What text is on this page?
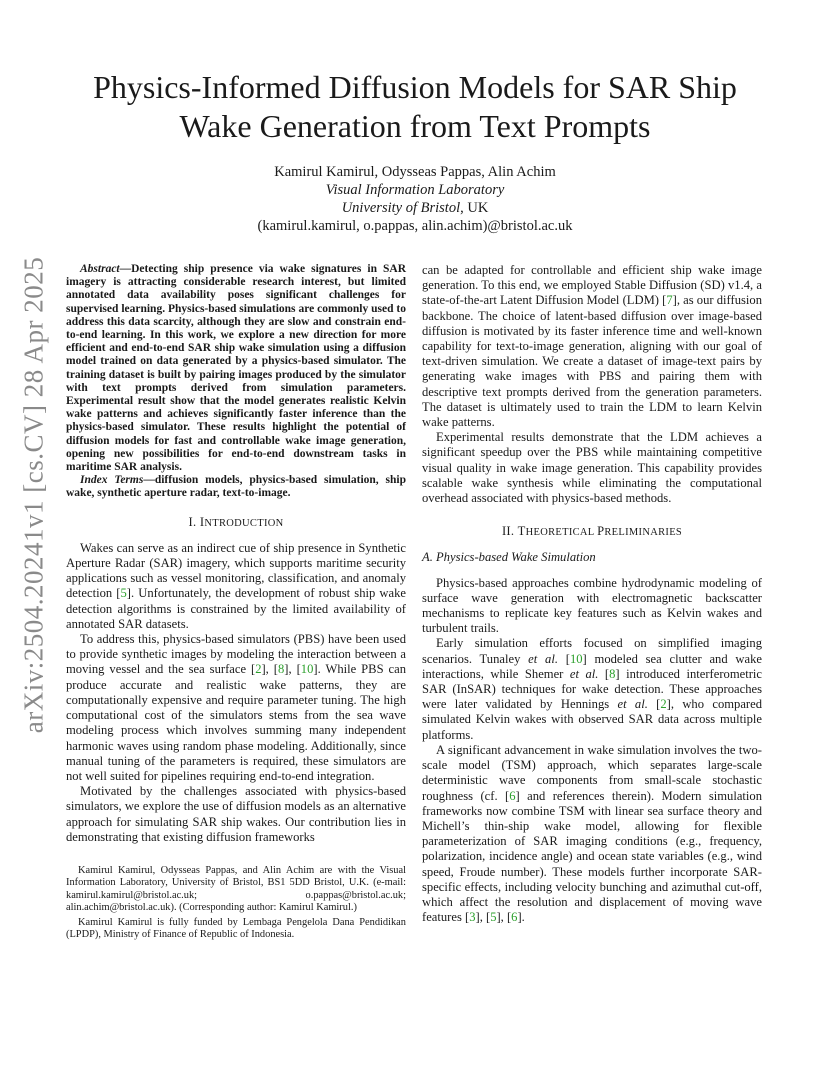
arXiv:2504.20241v1 [cs.CV] 28 Apr 2025
Physics-Informed Diffusion Models for SAR Ship Wake Generation from Text Prompts
Kamirul Kamirul, Odysseas Pappas, Alin Achim
Visual Information Laboratory
University of Bristol, UK
(kamirul.kamirul, o.pappas, alin.achim)@bristol.ac.uk

Abstract—Detecting ship presence via wake signatures in SAR imagery is attracting considerable research interest, but limited annotated data availability poses significant challenges for supervised learning. Physics-based simulations are commonly used to address this data scarcity, although they are slow and constrain end-to-end learning. In this work, we explore a new direction for more efficient and end-to-end SAR ship wake simulation using a diffusion model trained on data generated by a physics-based simulator. The training dataset is built by pairing images produced by the simulator with text prompts derived from simulation parameters. Experimental result show that the model generates realistic Kelvin wake patterns and achieves significantly faster inference than the physics-based simulator. These results highlight the potential of diffusion models for fast and controllable wake image generation, opening new possibilities for end-to-end downstream tasks in maritime SAR analysis.

Index Terms—diffusion models, physics-based simulation, ship wake, synthetic aperture radar, text-to-image.

I. INTRODUCTION

Wakes can serve as an indirect cue of ship presence in Synthetic Aperture Radar (SAR) imagery, which supports maritime security applications such as vessel monitoring, classification, and anomaly detection [5]. Unfortunately, the development of robust ship wake detection algorithms is constrained by the limited availability of annotated SAR datasets.

To address this, physics-based simulators (PBS) have been used to provide synthetic images by modeling the interaction between a moving vessel and the sea surface [2], [8], [10]. While PBS can produce accurate and realistic wake patterns, they are computationally expensive and require parameter tuning. The high computational cost of the simulators stems from the sea wave modeling process which involves summing many independent harmonic waves using random phase modeling. Additionally, since manual tuning of the parameters is required, these simulators are not well suited for pipelines requiring end-to-end integration.

Motivated by the challenges associated with physics-based simulators, we explore the use of diffusion models as an alternative approach for simulating SAR ship wakes. Our contribution lies in demonstrating that existing diffusion frameworks

Kamirul Kamirul, Odysseas Pappas, and Alin Achim are with the Visual Information Laboratory, University of Bristol, BS1 5DD Bristol, U.K. (e-mail: kamirul.kamirul@bristol.ac.uk; o.pappas@bristol.ac.uk; alin.achim@bristol.ac.uk). (Corresponding author: Kamirul Kamirul.)

Kamirul Kamirul is fully funded by Lembaga Pengelola Dana Pendidikan (LPDP), Ministry of Finance of Republic of Indonesia.

can be adapted for controllable and efficient ship wake image generation. To this end, we employed Stable Diffusion (SD) v1.4, a state-of-the-art Latent Diffusion Model (LDM) [7], as our diffusion backbone. The choice of latent-based diffusion over image-based diffusion is motivated by its faster inference time and well-known capability for text-to-image generation, aligning with our goal of text-driven simulation. We create a dataset of image-text pairs by generating wake images with PBS and pairing them with descriptive text prompts derived from the generation parameters. The dataset is ultimately used to train the LDM to learn Kelvin wake patterns.

Experimental results demonstrate that the LDM achieves a significant speedup over the PBS while maintaining competitive visual quality in wake image generation. This capability provides scalable wake synthesis while eliminating the computational overhead associated with physics-based methods.

II. THEORETICAL PRELIMINARIES
A. Physics-based Wake Simulation

Physics-based approaches combine hydrodynamic modeling of surface wave generation with electromagnetic backscatter mechanisms to replicate key features such as Kelvin wakes and turbulent trails.

Early simulation efforts focused on simplified imaging scenarios. Tunaley et al. [10] modeled sea clutter and wake interactions, while Shemer et al. [8] introduced interferometric SAR (InSAR) techniques for wake detection. These approaches were later validated by Hennings et al. [2], who compared simulated Kelvin wakes with observed SAR data across multiple platforms.

A significant advancement in wake simulation involves the two-scale model (TSM) approach, which separates large-scale deterministic wave components from small-scale stochastic roughness (cf. [6] and references therein). Modern simulation frameworks now combine TSM with linear sea surface theory and Michell’s thin-ship wake model, allowing for flexible parameterization of SAR imaging conditions (e.g., frequency, polarization, incidence angle) and ocean state variables (e.g., wind speed, Froude number). These models further incorporate SAR-specific effects, including velocity bunching and azimuthal cut-off, which affect the resolution and displacement of moving wave features [3], [5], [6].
